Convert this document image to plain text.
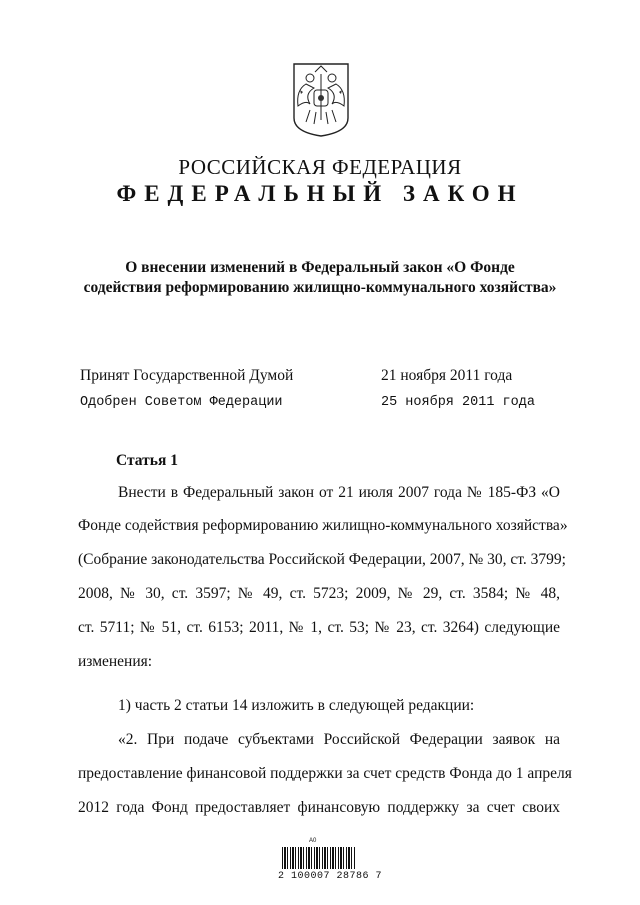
РОССИЙСКАЯ ФЕДЕРАЦИЯ
ФЕДЕРАЛЬНЫЙ ЗАКОН
О внесении изменений в Федеральный закон «О Фонде
содействия реформированию жилищно-коммунального хозяйства»
Принят Государственной Думой	21 ноября 2011 года
Одобрен Советом Федерации	25 ноября 2011 года
Статья 1
Внести в Федеральный закон от 21 июля 2007 года № 185-ФЗ «О
Фонде содействия реформированию жилищно-коммунального хозяйства»
(Собрание законодательства Российской Федерации, 2007, № 30, ст. 3799;
2008, № 30, ст. 3597; № 49, ст. 5723; 2009, № 29, ст. 3584; № 48,
ст. 5711; № 51, ст. 6153; 2011, № 1, ст. 53; № 23, ст. 3264) следующие
изменения:
1) часть 2 статьи 14 изложить в следующей редакции:
«2. При подаче субъектами Российской Федерации заявок на
предоставление финансовой поддержки за счет средств Фонда до 1 апреля
2012 года Фонд предоставляет финансовую поддержку за счет своих
A0
2 100007 28786 7
